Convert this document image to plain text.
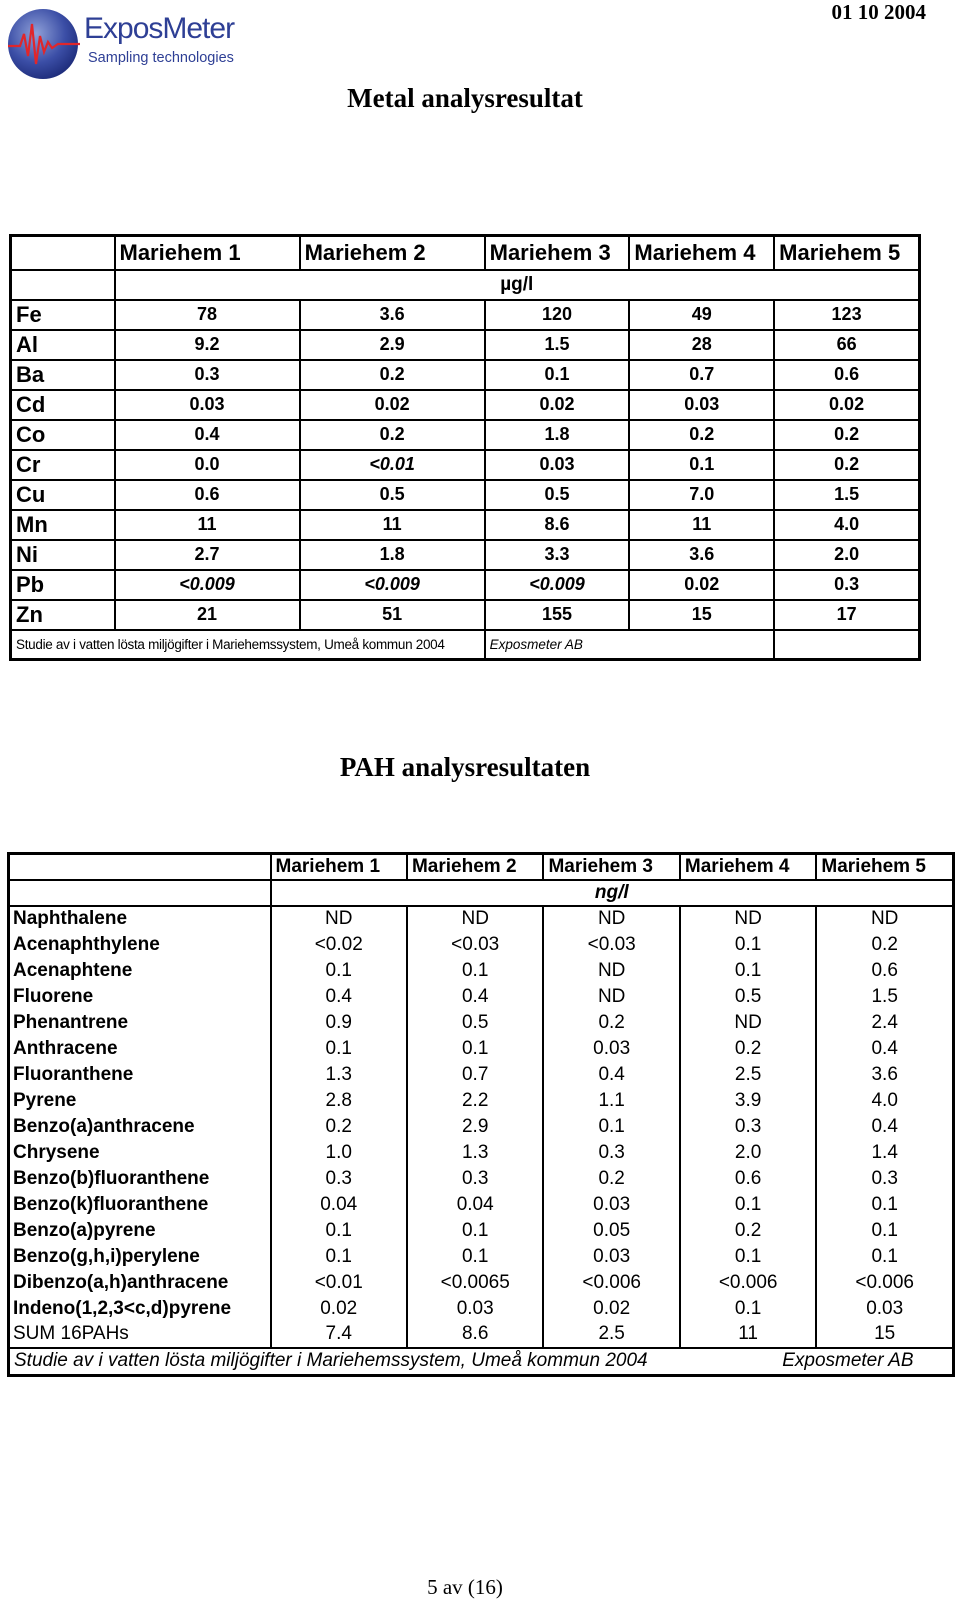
ExposMeter
Sampling technologies
01 10 2004
Metal analysresultat
	Mariehem 1	Mariehem 2	Mariehem 3	Mariehem 4	Mariehem 5
	µg/l				
Fe	78	3.6	120	49	123
Al	9.2	2.9	1.5	28	66
Ba	0.3	0.2	0.1	0.7	0.6
Cd	0.03	0.02	0.02	0.03	0.02
Co	0.4	0.2	1.8	0.2	0.2
Cr	0.0	<0.01	0.03	0.1	0.2
Cu	0.6	0.5	0.5	7.0	1.5
Mn	11	11	8.6	11	4.0
Ni	2.7	1.8	3.3	3.6	2.0
Pb	<0.009	<0.009	<0.009	0.02	0.3
Zn	21	51	155	15	17
Studie av i vatten lösta miljögifter i Mariehemssystem, Umeå kommun 2004			Exposmeter AB		
PAH analysresultaten
	Mariehem 1	Mariehem 2	Mariehem 3	Mariehem 4	Mariehem 5
	ng/l				
Naphthalene	ND	ND	ND	ND	ND
Acenaphthylene	<0.02	<0.03	<0.03	0.1	0.2
Acenaphtene	0.1	0.1	ND	0.1	0.6
Fluorene	0.4	0.4	ND	0.5	1.5
Phenantrene	0.9	0.5	0.2	ND	2.4
Anthracene	0.1	0.1	0.03	0.2	0.4
Fluoranthene	1.3	0.7	0.4	2.5	3.6
Pyrene	2.8	2.2	1.1	3.9	4.0
Benzo(a)anthracene	0.2	2.9	0.1	0.3	0.4
Chrysene	1.0	1.3	0.3	2.0	1.4
Benzo(b)fluoranthene	0.3	0.3	0.2	0.6	0.3
Benzo(k)fluoranthene	0.04	0.04	0.03	0.1	0.1
Benzo(a)pyrene	0.1	0.1	0.05	0.2	0.1
Benzo(g,h,i)perylene	0.1	0.1	0.03	0.1	0.1
Dibenzo(a,h)anthracene	<0.01	<0.0065	<0.006	<0.006	<0.006
Indeno(1,2,3<c,d)pyrene	0.02	0.03	0.02	0.1	0.03
SUM 16PAHs	7.4	8.6	2.5	11	15
Studie av i vatten lösta miljögifter i Mariehemssystem, Umeå kommun 2004 Exposmeter AB					
5 av (16)
